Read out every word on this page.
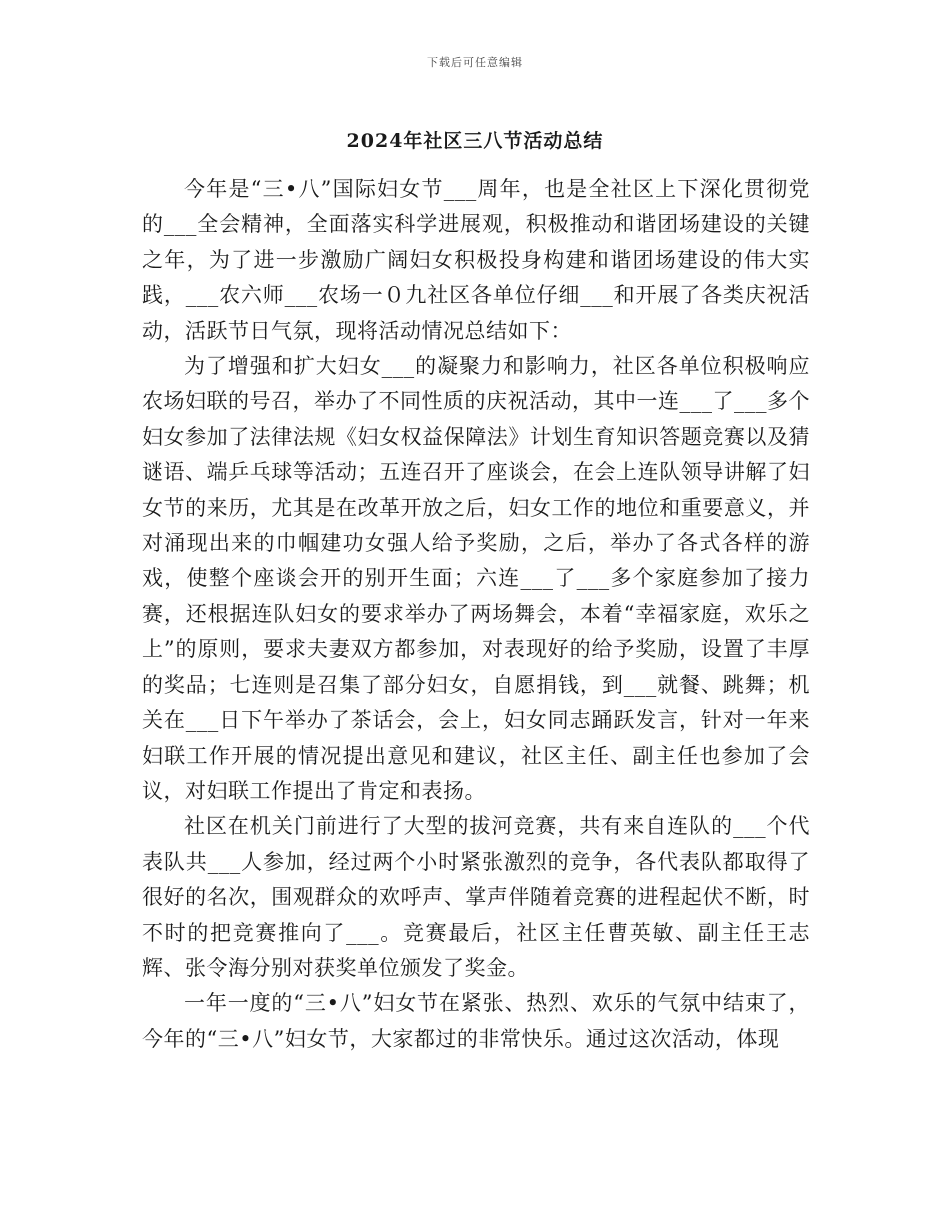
下载后可任意编辑
2024年社区三八节活动总结

今年是“三•八”国际妇女节___周年，也是全社区上下深化贯彻党的___全会精神，全面落实科学进展观，积极推动和谐团场建设的关键之年，为了进一步激励广阔妇女积极投身构建和谐团场建设的伟大实践，___农六师___农场一０九社区各单位仔细___和开展了各类庆祝活动，活跃节日气氛，现将活动情况总结如下：

为了增强和扩大妇女___的凝聚力和影响力，社区各单位积极响应农场妇联的号召，举办了不同性质的庆祝活动，其中一连___了___多个妇女参加了法律法规《妇女权益保障法》计划生育知识答题竞赛以及猜谜语、端乒乓球等活动；五连召开了座谈会，在会上连队领导讲解了妇女节的来历，尤其是在改革开放之后，妇女工作的地位和重要意义，并对涌现出来的巾帼建功女强人给予奖励，之后，举办了各式各样的游戏，使整个座谈会开的别开生面；六连___了___多个家庭参加了接力赛，还根据连队妇女的要求举办了两场舞会，本着“幸福家庭，欢乐之上”的原则，要求夫妻双方都参加，对表现好的给予奖励，设置了丰厚的奖品；七连则是召集了部分妇女，自愿捐钱，到___就餐、跳舞；机关在___日下午举办了茶话会，会上，妇女同志踊跃发言，针对一年来妇联工作开展的情况提出意见和建议，社区主任、副主任也参加了会议，对妇联工作提出了肯定和表扬。

社区在机关门前进行了大型的拔河竞赛，共有来自连队的___个代表队共___人参加，经过两个小时紧张激烈的竞争，各代表队都取得了很好的名次，围观群众的欢呼声、掌声伴随着竞赛的进程起伏不断，时不时的把竞赛推向了___。竞赛最后，社区主任曹英敏、副主任王志辉、张令海分别对获奖单位颁发了奖金。

一年一度的“三•八”妇女节在紧张、热烈、欢乐的气氛中结束了，今年的“三•八”妇女节，大家都过的非常快乐。通过这次活动，体现
